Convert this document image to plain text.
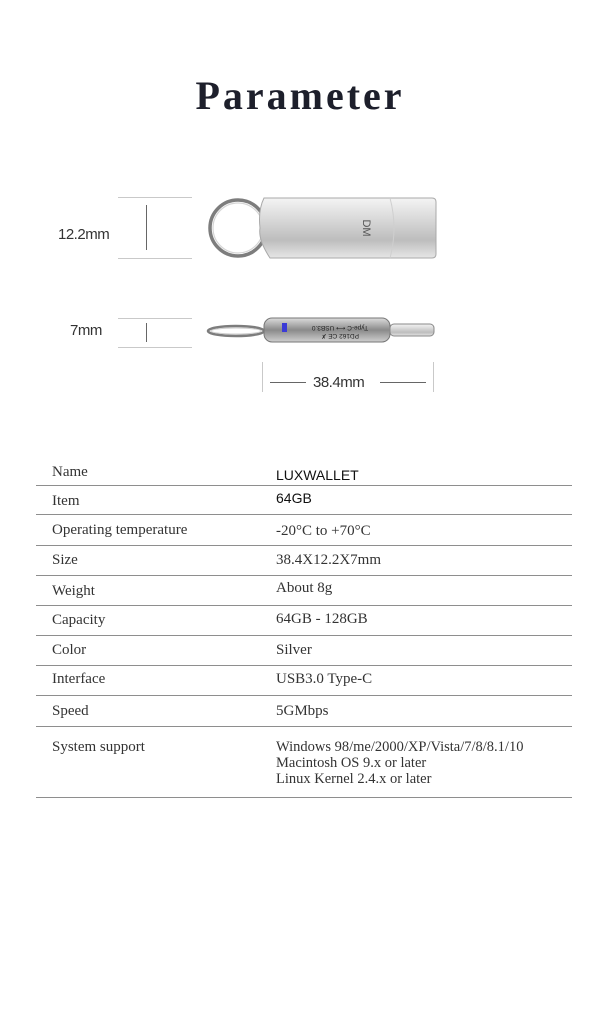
Parameter
12.2mm
7mm
38.4mm
DM
Type-C ⟷ USB3.0
PD162 CE ✗
Name	LUXWALLET
Item	64GB
Operating temperature	-20°C to +70°C
Size	38.4X12.2X7mm
Weight	About 8g
Capacity	64GB - 128GB
Color	Silver
Interface	USB3.0 Type-C
Speed	5GMbps
System support	Windows 98/me/2000/XP/Vista/7/8/8.1/10
Macintosh OS 9.x or later
Linux Kernel 2.4.x or later
